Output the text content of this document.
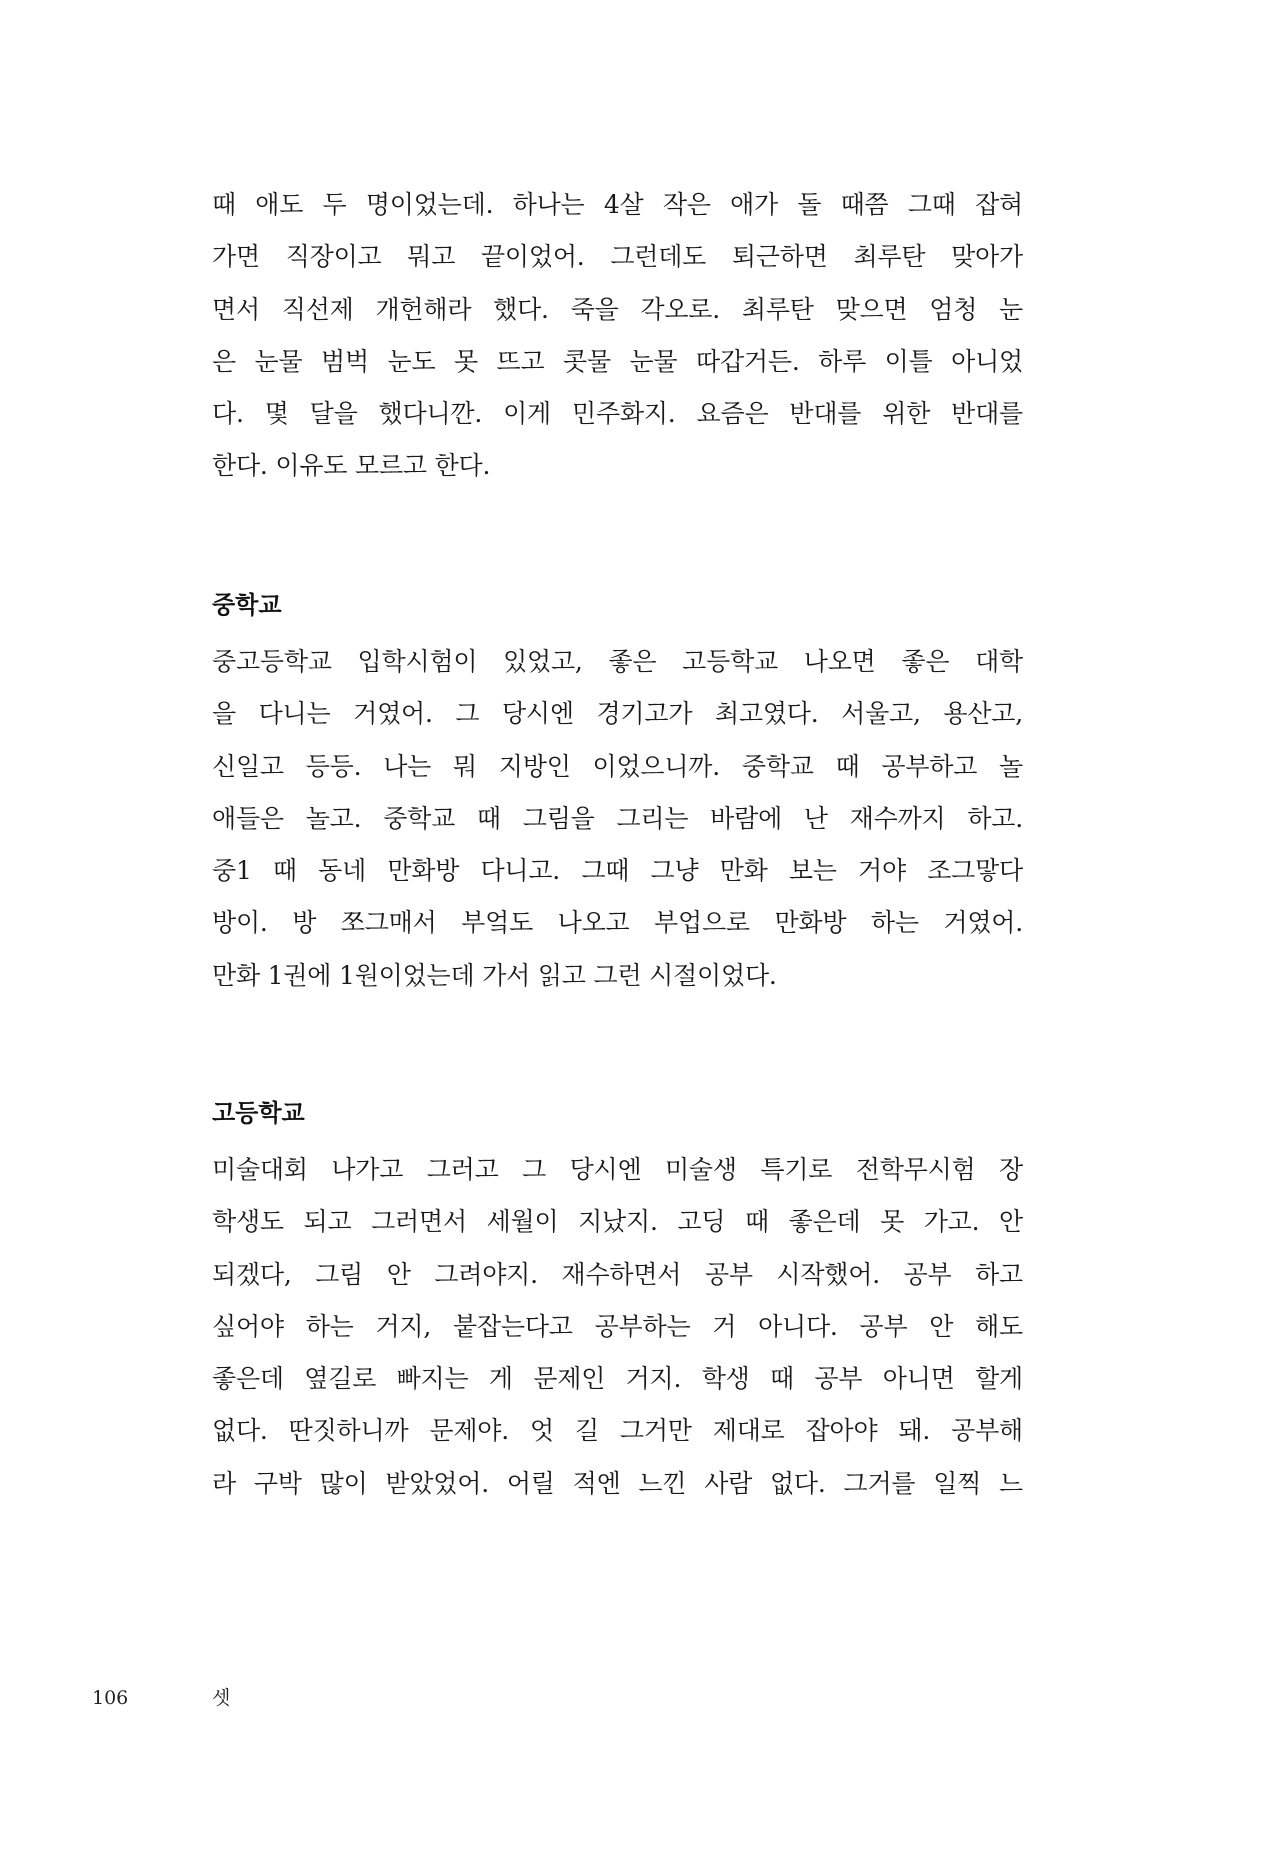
때 애도 두 명이었는데. 하나는 4살 작은 애가 돌 때쯤 그때 잡혀
가면 직장이고 뭐고 끝이었어. 그런데도 퇴근하면 최루탄 맞아가
면서 직선제 개헌해라 했다. 죽을 각오로. 최루탄 맞으면 엄청 눈
은 눈물 범벅 눈도 못 뜨고 콧물 눈물 따갑거든. 하루 이틀 아니었
다. 몇 달을 했다니깐. 이게 민주화지. 요즘은 반대를 위한 반대를
한다. 이유도 모르고 한다.
중학교
중고등학교 입학시험이 있었고, 좋은 고등학교 나오면 좋은 대학
을 다니는 거였어. 그 당시엔 경기고가 최고였다. 서울고, 용산고,
신일고 등등. 나는 뭐 지방인 이었으니까. 중학교 때 공부하고 놀
애들은 놀고. 중학교 때 그림을 그리는 바람에 난 재수까지 하고.
중1 때 동네 만화방 다니고. 그때 그냥 만화 보는 거야 조그맣다
방이. 방 쪼그매서 부엌도 나오고 부업으로 만화방 하는 거였어.
만화 1권에 1원이었는데 가서 읽고 그런 시절이었다.
고등학교
미술대회 나가고 그러고 그 당시엔 미술생 특기로 전학무시험 장
학생도 되고 그러면서 세월이 지났지. 고딩 때 좋은데 못 가고. 안
되겠다, 그림 안 그려야지. 재수하면서 공부 시작했어. 공부 하고
싶어야 하는 거지, 붙잡는다고 공부하는 거 아니다. 공부 안 해도
좋은데 옆길로 빠지는 게 문제인 거지. 학생 때 공부 아니면 할게
없다. 딴짓하니까 문제야. 엇 길 그거만 제대로 잡아야 돼. 공부해
라 구박 많이 받았었어. 어릴 적엔 느낀 사람 없다. 그거를 일찍 느
106	셋
